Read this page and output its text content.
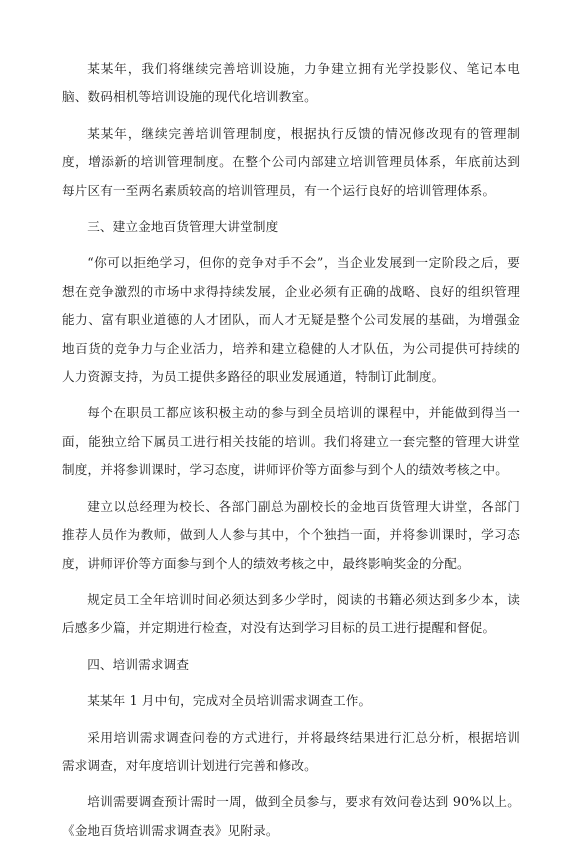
某某年，我们将继续完善培训设施，力争建立拥有光学投影仪、笔记本电脑、数码相机等培训设施的现代化培训教室。

某某年，继续完善培训管理制度，根据执行反馈的情况修改现有的管理制度，增添新的培训管理制度。在整个公司内部建立培训管理员体系，年底前达到每片区有一至两名素质较高的培训管理员，有一个运行良好的培训管理体系。

三、建立金地百货管理大讲堂制度

“你可以拒绝学习，但你的竞争对手不会”，当企业发展到一定阶段之后，要想在竞争激烈的市场中求得持续发展，企业必须有正确的战略、良好的组织管理能力、富有职业道德的人才团队，而人才无疑是整个公司发展的基础，为增强金地百货的竞争力与企业活力，培养和建立稳健的人才队伍，为公司提供可持续的人力资源支持，为员工提供多路径的职业发展通道，特制订此制度。

每个在职员工都应该积极主动的参与到全员培训的课程中，并能做到得当一面，能独立给下属员工进行相关技能的培训。我们将建立一套完整的管理大讲堂制度，并将参训课时，学习态度，讲师评价等方面参与到个人的绩效考核之中。

建立以总经理为校长、各部门副总为副校长的金地百货管理大讲堂，各部门推荐人员作为教师，做到人人参与其中，个个独挡一面，并将参训课时，学习态度，讲师评价等方面参与到个人的绩效考核之中，最终影响奖金的分配。

规定员工全年培训时间必须达到多少学时，阅读的书籍必须达到多少本，读后感多少篇，并定期进行检查，对没有达到学习目标的员工进行提醒和督促。

四、培训需求调查

某某年 1 月中旬，完成对全员培训需求调查工作。

采用培训需求调查问卷的方式进行，并将最终结果进行汇总分析，根据培训需求调查，对年度培训计划进行完善和修改。

培训需要调查预计需时一周，做到全员参与，要求有效问卷达到 90%以上。 《金地百货培训需求调查表》见附录。
